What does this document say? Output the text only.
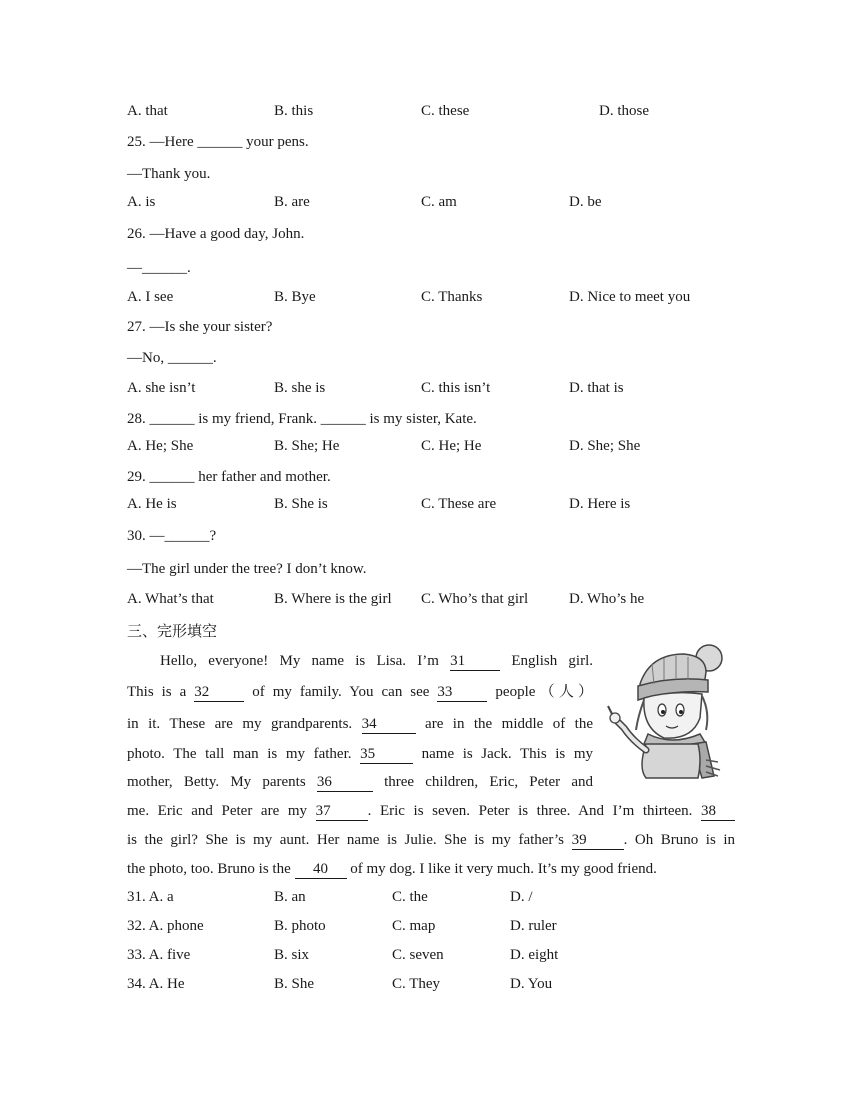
A. that	B. this	C. these	D. those
25. —Here ______ your pens.
—Thank you.
A. is	B. are	C. am	D. be
26. —Have a good day, John.
—______.
A. I see	B. Bye	C. Thanks	D. Nice to meet you
27. —Is she your sister?
—No, ______.
A. she isn’t	B. she is	C. this isn’t	D. that is
28. ______ is my friend, Frank. ______ is my sister, Kate.
A. He; She	B. She; He	C. He; He	D. She; She
29. ______ her father and mother.
A. He is	B. She is	C. These are	D. Here is
30. —______?
—The girl under the tree? I don’t know.
A. What’s that	B. Where is the girl C. Who’s that girl	D. Who’s he
三、完形填空
Hello, everyone! My name is Lisa. I’m 31	English girl.
This is a 32	of my family. You can see 33	people（人）
in it. These are my grandparents. 34	are in the middle of the
photo. The tall man is my father. 35	name is Jack. This is my
mother, Betty. My parents 36	three children, Eric, Peter and
me. Eric and Peter are my 37 . Eric is seven. Peter is three. And I’m thirteen. 38
is the girl? She is my aunt. Her name is Julie. She is my father’s 39 . Oh Bruno is in
the photo, too. Bruno is the 40 of my dog. I like it very much. It’s my good friend.
31. A. a	B. an	C. the	D. /
32. A. phone	B. photo	C. map	D. ruler
33. A. five	B. six	C. seven	D. eight
34. A. He	B. She	C. They	D. You
